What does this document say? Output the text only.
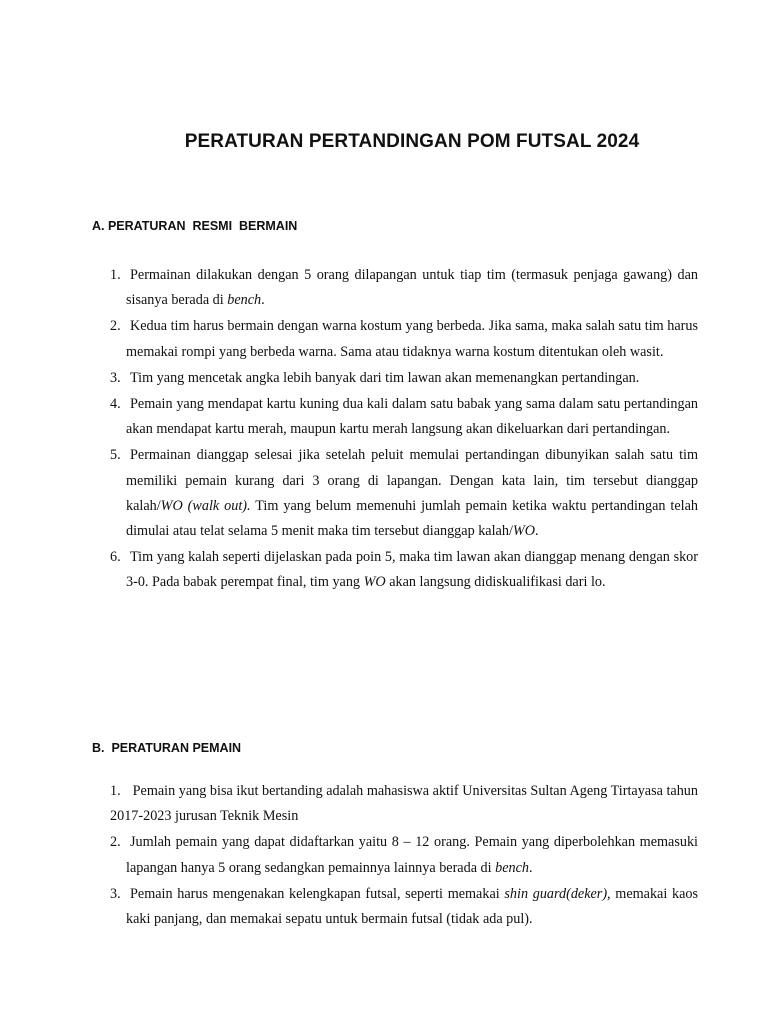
PERATURAN PERTANDINGAN POM FUTSAL 2024
A. PERATURAN  RESMI  BERMAIN
1. Permainan dilakukan dengan 5 orang dilapangan untuk tiap tim (termasuk penjaga gawang) dan sisanya berada di bench.
2. Kedua tim harus bermain dengan warna kostum yang berbeda. Jika sama, maka salah satu tim harus memakai rompi yang berbeda warna. Sama atau tidaknya warna kostum ditentukan oleh wasit.
3. Tim yang mencetak angka lebih banyak dari tim lawan akan memenangkan pertandingan.
4. Pemain yang mendapat kartu kuning dua kali dalam satu babak yang sama dalam satu pertandingan akan mendapat kartu merah, maupun kartu merah langsung akan dikeluarkan dari pertandingan.
5. Permainan dianggap selesai jika setelah peluit memulai pertandingan dibunyikan salah satu tim memiliki pemain kurang dari 3 orang di lapangan. Dengan kata lain, tim tersebut dianggap kalah/WO (walk out). Tim yang belum memenuhi jumlah pemain ketika waktu pertandingan telah dimulai atau telat selama 5 menit maka tim tersebut dianggap kalah/WO.
6. Tim yang kalah seperti dijelaskan pada poin 5, maka tim lawan akan dianggap menang dengan skor 3-0. Pada babak perempat final, tim yang WO akan langsung didiskualifikasi dari lo.
B.  PERATURAN PEMAIN
1. Pemain yang bisa ikut bertanding adalah mahasiswa aktif Universitas Sultan Ageng Tirtayasa tahun 2017-2023 jurusan Teknik Mesin
2. Jumlah pemain yang dapat didaftarkan yaitu 8 – 12 orang. Pemain yang diperbolehkan memasuki lapangan hanya 5 orang sedangkan pemainnya lainnya berada di bench.
3. Pemain harus mengenakan kelengkapan futsal, seperti memakai shin guard(deker), memakai kaos kaki panjang, dan memakai sepatu untuk bermain futsal (tidak ada pul).
